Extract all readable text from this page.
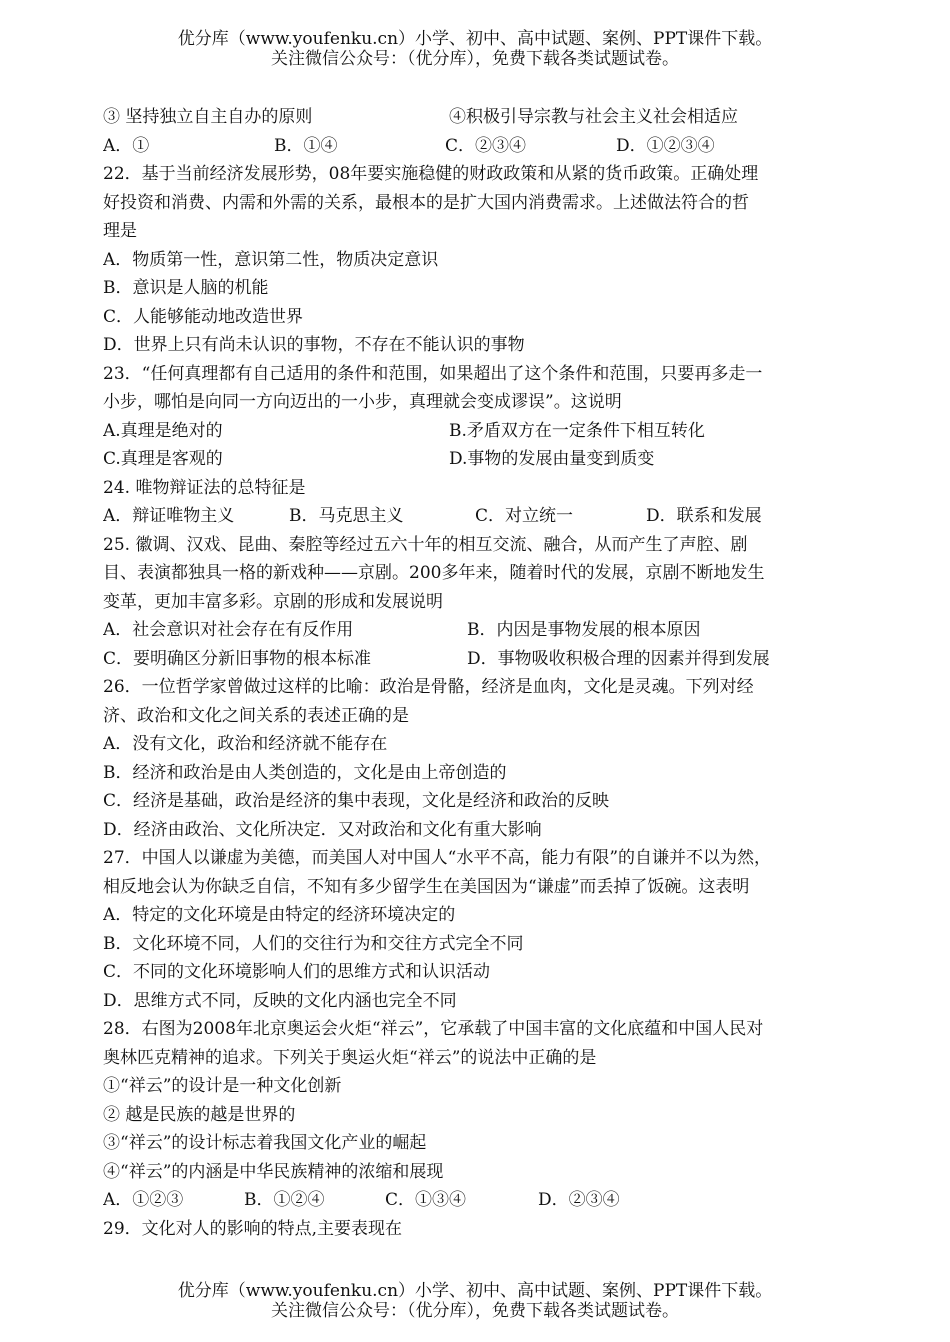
优分库（www.youfenku.cn）小学、初中、高中试题、案例、PPT课件下载。
关注微信公众号：（优分库），免费下载各类试题试卷。
③ 坚持独立自主自办的原则	④积极引导宗教与社会主义社会相适应
A．①	B．①④	C．②③④	D．①②③④
22．基于当前经济发展形势，08年要实施稳健的财政政策和从紧的货币政策。正确处理
好投资和消费、内需和外需的关系，最根本的是扩大国内消费需求。上述做法符合的哲
理是
A．物质第一性，意识第二性，物质决定意识
B．意识是人脑的机能
C．人能够能动地改造世界
D．世界上只有尚未认识的事物，不存在不能认识的事物
23．“任何真理都有自己适用的条件和范围，如果超出了这个条件和范围，只要再多走一
小步，哪怕是向同一方向迈出的一小步，真理就会变成谬误”。这说明
A.真理是绝对的	B.矛盾双方在一定条件下相互转化
C.真理是客观的	D.事物的发展由量变到质变
24. 唯物辩证法的总特征是
A．辩证唯物主义	B．马克思主义	C．对立统一	D．联系和发展
25. 徽调、汉戏、昆曲、秦腔等经过五六十年的相互交流、融合，从而产生了声腔、剧
目、表演都独具一格的新戏种——京剧。200多年来，随着时代的发展，京剧不断地发生
变革，更加丰富多彩。京剧的形成和发展说明
A．社会意识对社会存在有反作用	B．内因是事物发展的根本原因
C．要明确区分新旧事物的根本标准	D．事物吸收积极合理的因素并得到发展
26．一位哲学家曾做过这样的比喻：政治是骨骼，经济是血肉，文化是灵魂。下列对经
济、政治和文化之间关系的表述正确的是
A．没有文化，政治和经济就不能存在
B．经济和政治是由人类创造的，文化是由上帝创造的
C．经济是基础，政治是经济的集中表现，文化是经济和政治的反映
D．经济由政治、文化所决定．又对政治和文化有重大影响
27．中国人以谦虚为美德，而美国人对中国人“水平不高，能力有限”的自谦并不以为然，
相反地会认为你缺乏自信，不知有多少留学生在美国因为“谦虚”而丢掉了饭碗。这表明
A．特定的文化环境是由特定的经济环境决定的
B．文化环境不同，人们的交往行为和交往方式完全不同
C．不同的文化环境影响人们的思维方式和认识活动
D．思维方式不同，反映的文化内涵也完全不同
28．右图为2008年北京奥运会火炬“祥云”，它承载了中国丰富的文化底蕴和中国人民对
奥林匹克精神的追求。下列关于奥运火炬“祥云”的说法中正确的是
①“祥云”的设计是一种文化创新
② 越是民族的越是世界的
③“祥云”的设计标志着我国文化产业的崛起
④“祥云”的内涵是中华民族精神的浓缩和展现
A．①②③	B．①②④	C．①③④	D．②③④
29．文化对人的影响的特点,主要表现在
优分库（www.youfenku.cn）小学、初中、高中试题、案例、PPT课件下载。
关注微信公众号：（优分库），免费下载各类试题试卷。
